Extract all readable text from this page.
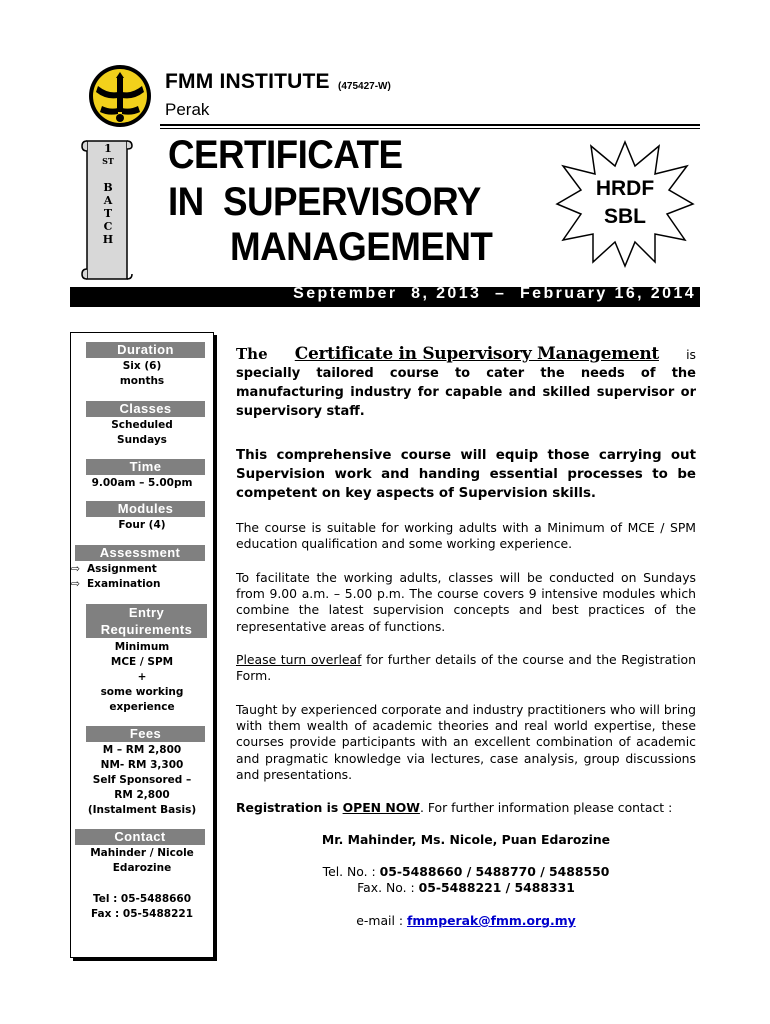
FMM INSTITUTE (475427-W)
Perak
1
ST
B
A
T
C
H
CERTIFICATE
IN  SUPERVISORY
MANAGEMENT
HRDF
SBL
September  8, 2013  –  February 16, 2014
Duration
Six (6)
months
Classes
Scheduled
Sundays
Time
9.00am – 5.00pm
Modules
Four (4)
Assessment
⇨ Assignment
⇨ Examination
Entry
Requirements
Minimum
MCE / SPM
+
some working
experience
Fees
M – RM 2,800
NM- RM 3,300
Self Sponsored –
RM 2,800
(Instalment Basis)
Contact
Mahinder / Nicole
Edarozine
Tel : 05-5488660
Fax : 05-5488221
The Certificate in Supervisory Management is
specially tailored course to cater the needs of the manufacturing industry for capable and skilled supervisor or supervisory staff.
This comprehensive course will equip those carrying out Supervision work and handing essential processes to be competent on key aspects of Supervision skills.
The course is suitable for working adults with a Minimum of MCE / SPM education qualification and some working experience.
To facilitate the working adults, classes will be conducted on Sundays from 9.00 a.m. – 5.00 p.m. The course covers 9 intensive modules which combine the latest supervision concepts and best practices of the representative areas of functions.
Please turn overleaf for further details of the course and the Registration Form.
Taught by experienced corporate and industry practitioners who will bring with them wealth of academic theories and real world expertise, these courses provide participants with an excellent combination of academic and pragmatic knowledge via lectures, case analysis, group discussions and presentations.
Registration is OPEN NOW. For further information please contact :
Mr. Mahinder, Ms. Nicole, Puan Edarozine
Tel. No. : 05-5488660 / 5488770 / 5488550
Fax. No. : 05-5488221 / 5488331
e-mail : fmmperak@fmm.org.my
